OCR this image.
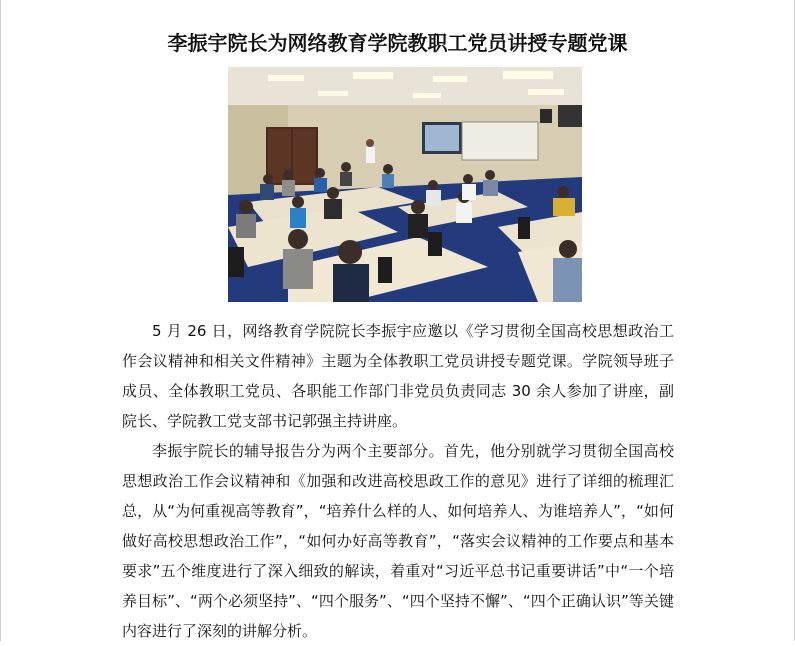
李振宇院长为网络教育学院教职工党员讲授专题党课

5 月 26 日，网络教育学院院长李振宇应邀以《学习贯彻全国高校思想政治工作会议精神和相关文件精神》主题为全体教职工党员讲授专题党课。学院领导班子成员、全体教职工党员、各职能工作部门非党员负责同志 30 余人参加了讲座，副院长、学院教工党支部书记郭强主持讲座。

李振宇院长的辅导报告分为两个主要部分。首先，他分别就学习贯彻全国高校思想政治工作会议精神和《加强和改进高校思政工作的意见》进行了详细的梳理汇总，从“为何重视高等教育”，“培养什么样的人、如何培养人、为谁培养人”，“如何做好高校思想政治工作”，“如何办好高等教育”，“落实会议精神的工作要点和基本要求”五个维度进行了深入细致的解读，着重对“习近平总书记重要讲话”中“一个培养目标”、“两个必须坚持”、“四个服务”、“四个坚持不懈”、“四个正确认识”等关键内容进行了深刻的讲解分析。
